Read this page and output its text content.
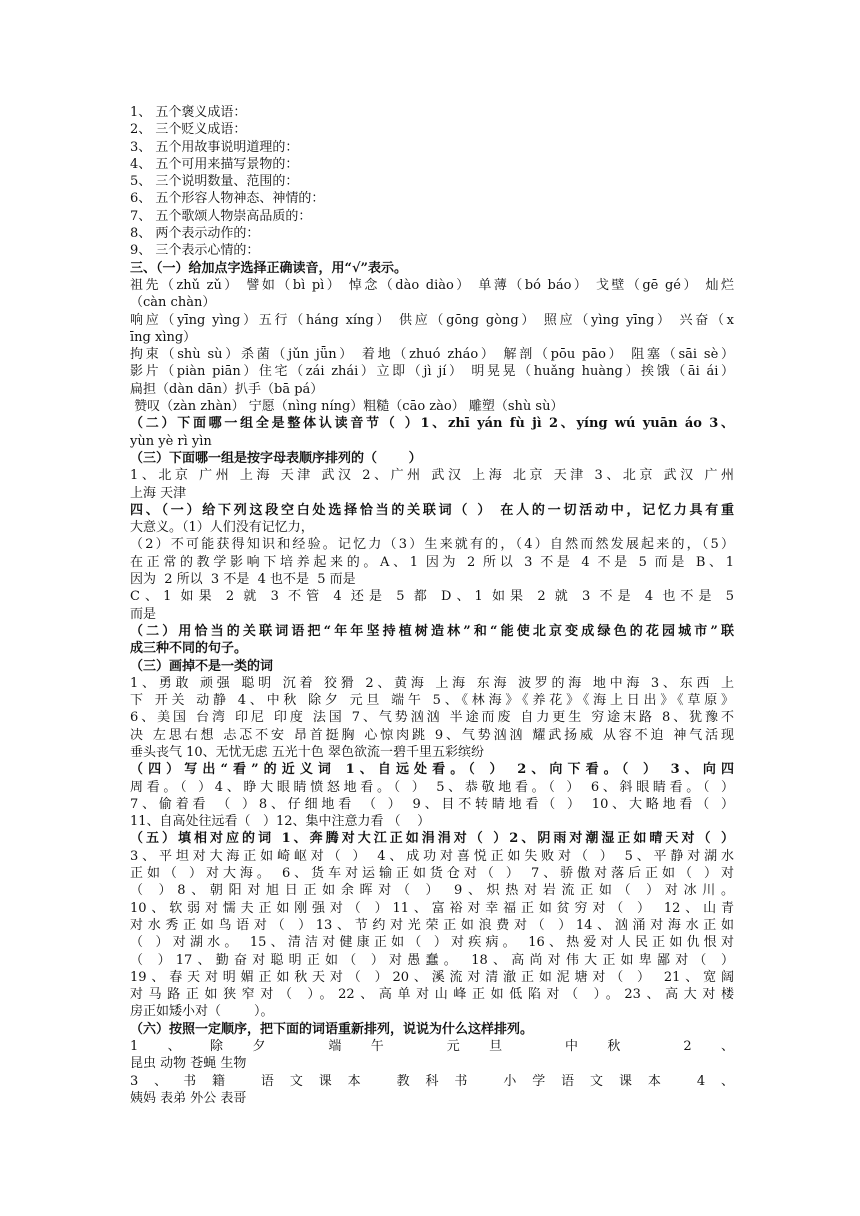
1、 五个褒义成语：
2、 三个贬义成语：
3、 五个用故事说明道理的：
4、 五个可用来描写景物的：
5、 三个说明数量、范围的：
6、 五个形容人物神态、神情的：
7、 五个歌颂人物崇高品质的：
8、 两个表示动作的：
9、 三个表示心情的：
三、（一）给加点字选择正确读音，用“√”表示。
祖先（zhǔ zǔ） 譬如（bì pì） 悼念（dào diào） 单薄（bó báo） 戈壁（gē gé） 灿烂
（càn chàn）
响应（yīng yìng）五行（háng xíng） 供应（gōng gòng） 照应（yìng yīng） 兴奋（x
īng xìng）
拘束（shù sù）杀菌（jǔn jǖn） 着地（zhuó zháo） 解剖（pōu pāo） 阻塞（sāi sè）
影片（piàn piān）住宅（zái zhái）立即（jì jí） 明晃晃（huǎng huàng）挨饿（āi ái）
扁担（dàn dān）扒手（bā pá）
赞叹（zàn zhàn） 宁愿（nìng níng）粗糙（cāo zào） 雕塑（shù sù）
（二）下面哪一组全是整体认读音节（ ）1、zhī yán fù jì 2、yíng wú yuān áo 3、
yùn yè rì yìn
（三）下面哪一组是按字母表顺序排列的（       ）
1、北京 广州 上海 天津 武汉 2、广州 武汉 上海 北京 天津 3、北京 武汉 广州
上海 天津
四、（一）给下列这段空白处选择恰当的关联词（ ） 在人的一切活动中，记忆力具有重
大意义。（1）人们没有记忆力，
（2）不可能获得知识和经验。记忆力（3）生来就有的，（4）自然而然发展起来的，（5）
在正常的教学影响下培养起来的。A、1 因为 2 所以 3 不是 4 不是 5 而是 B、1
因为  2 所以  3 不是  4 也不是  5 而是
C、1 如果 2 就 3 不管 4 还是 5 都 D、1 如果 2 就 3 不是 4 也不是 5
而是
（二）用恰当的关联词语把“年年坚持植树造林”和“能使北京变成绿色的花园城市”联
成三种不同的句子。
（三）画掉不是一类的词
1、勇敢 顽强 聪明 沉着 狡猾 2、黄海 上海 东海 波罗的海 地中海 3、东西 上
下 开关 动静 4、中秋 除夕 元旦 端午 5、《林海》《养花》《海上日出》《草原》
6、美国 台湾 印尼 印度 法国 7、气势汹汹 半途而废 自力更生 穷途末路 8、犹豫不
决 左思右想 忐忑不安 昂首挺胸 心惊肉跳 9、气势汹汹 耀武扬威 从容不迫 神气活现
垂头丧气 10、无忧无虑 五光十色 翠色欲流一碧千里五彩缤纷
（四）写出“看”的近义词 1、自远处看。（ ） 2、向下看。（ ） 3、向四
周看。（ ）4、睁大眼睛愤怒地看。（ ） 5、恭敬地看。（ ） 6、斜眼睛看。（ ）
7、偷着看 （ ）8、仔细地看 （ ） 9、目不转睛地看（ ） 10、大略地看（ ）
11、自高处往远看（   ）12、集中注意力看 （    ）
（五）填相对应的词 1、奔腾对大江正如涓涓对（ ）2、阴雨对潮湿正如晴天对（ ）
3、平坦对大海正如崎岖对（ ） 4、成功对喜悦正如失败对（ ） 5、平静对湖水
正如（ ）对大海。 6、货车对运输正如货仓对（ ） 7、骄傲对落后正如（ ）对
（ ）8、朝阳对旭日正如余晖对（ ） 9、炽热对岩流正如（ ）对冰川。
10、软弱对懦夫正如刚强对（ ）11、富裕对幸福正如贫穷对（ ） 12、山青
对水秀正如鸟语对（ ）13、节约对光荣正如浪费对（ ）14、汹涌对海水正如
（ ）对湖水。 15、清洁对健康正如（ ）对疾病。 16、热爱对人民正如仇恨对
（ ）17、勤奋对聪明正如（ ）对愚蠢。 18、高尚对伟大正如卑鄙对（ ）
19、春天对明媚正如秋天对（ ）20、溪流对清澈正如泥塘对（ ） 21、宽阔
对马路正如狭窄对（ ）。22、高单对山峰正如低陷对（ ）。23、高大对楼
房正如矮小对（        ）。
（六）按照一定顺序，把下面的词语重新排列，说说为什么这样排列。
1、除夕 端午 元旦 中秋 2、
昆虫 动物 苍蝇 生物
3、书籍 语文课本 教科书 小学语文课本 4、
姨妈 表弟 外公 表哥
